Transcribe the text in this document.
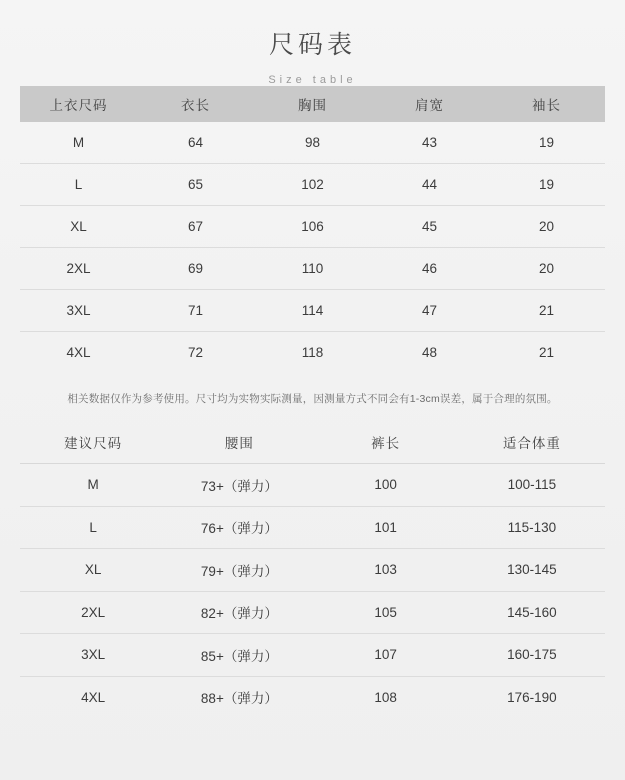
尺码表
Size table
上衣尺码	衣长	胸围	肩宽	袖长
M	64	98	43	19
L	65	102	44	19
XL	67	106	45	20
2XL	69	110	46	20
3XL	71	114	47	21
4XL	72	118	48	21
相关数据仅作为参考使用。尺寸均为实物实际测量，因测量方式不同会有1-3cm误差，属于合理的氛围。
建议尺码	腰围	裤长	适合体重
M	73+（弹力）	100	100-115
L	76+（弹力）	101	115-130
XL	79+（弹力）	103	130-145
2XL	82+（弹力）	105	145-160
3XL	85+（弹力）	107	160-175
4XL	88+（弹力）	108	176-190
